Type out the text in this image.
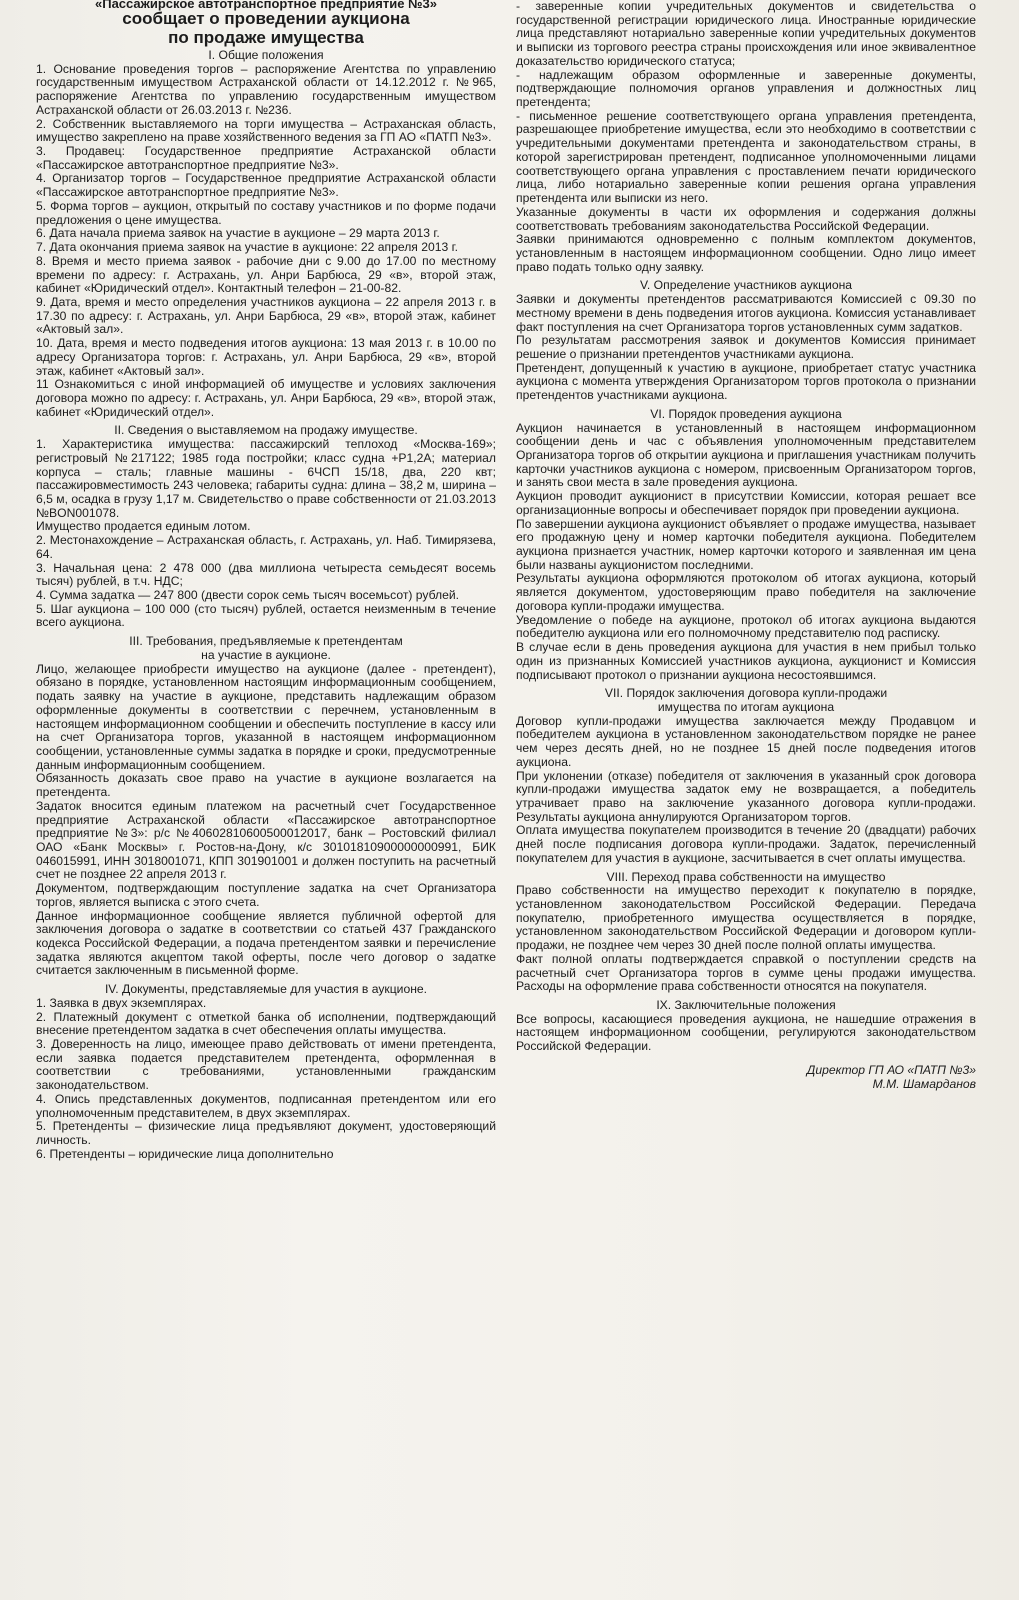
«Пассажирское автотранспортное предприятие №3»
сообщает о проведении аукциона
по продаже имущества

I. Общие положения

1. Основание проведения торгов – распоряжение Агентства по управлению государственным имуществом Астраханской области от 14.12.2012 г. №965, распоряжение Агентства по управлению государственным имуществом Астраханской области от 26.03.2013 г. №236.

2. Собственник выставляемого на торги имущества – Астраханская область, имущество закреплено на праве хозяйственного ведения за ГП АО «ПАТП №3».

3. Продавец: Государственное предприятие Астраханской области «Пассажирское автотранспортное предприятие №3».

4. Организатор торгов – Государственное предприятие Астраханской области «Пассажирское автотранспортное предприятие №3».

5. Форма торгов – аукцион, открытый по составу участников и по форме подачи предложения о цене имущества.

6. Дата начала приема заявок на участие в аукционе – 29 марта 2013 г.

7. Дата окончания приема заявок на участие в аукционе: 22 апреля 2013 г.

8. Время и место приема заявок - рабочие дни с 9.00 до 17.00 по местному времени по адресу: г. Астрахань, ул. Анри Барбюса, 29 «в», второй этаж, кабинет «Юридический отдел». Контактный телефон – 21-00-82.

9. Дата, время и место определения участников аукциона – 22 апреля 2013 г. в 17.30 по адресу: г. Астрахань, ул. Анри Барбюса, 29 «в», второй этаж, кабинет «Актовый зал».

10. Дата, время и место подведения итогов аукциона: 13 мая 2013 г. в 10.00 по адресу Организатора торгов: г. Астрахань, ул. Анри Барбюса, 29 «в», второй этаж, кабинет «Актовый зал».

11 Ознакомиться с иной информацией об имуществе и условиях заключения договора можно по адресу: г. Астрахань, ул. Анри Барбюса, 29 «в», второй этаж, кабинет «Юридический отдел».

II. Сведения о выставляемом на продажу имуществе.

1. Характеристика имущества: пассажирский теплоход «Москва-169»; регистровый №217122; 1985 года постройки; класс судна +Р1,2А; материал корпуса – сталь; главные машины - 6ЧСП 15/18, два, 220 квт; пассажировместимость 243 человека; габариты судна: длина – 38,2 м, ширина – 6,5 м, осадка в грузу 1,17 м. Свидетельство о праве собственности от 21.03.2013 №BON001078.

Имущество продается единым лотом.

2. Местонахождение – Астраханская область, г. Астрахань, ул. Наб. Тимирязева, 64.

3. Начальная цена: 2 478 000 (два миллиона четыреста семьдесят восемь тысяч) рублей, в т.ч. НДС;

4. Сумма задатка — 247 800 (двести сорок семь тысяч восемьсот) рублей.

5. Шаг аукциона – 100 000 (сто тысяч) рублей, остается неизменным в течение всего аукциона.

III. Требования, предъявляемые к претендентам

на участие в аукционе.

Лицо, желающее приобрести имущество на аукционе (далее - претендент), обязано в порядке, установленном настоящим информационным сообщением, подать заявку на участие в аукционе, представить надлежащим образом оформленные документы в соответствии с перечнем, установленным в настоящем информационном сообщении и обеспечить поступление в кассу или на счет Организатора торгов, указанной в настоящем информационном сообщении, установленные суммы задатка в порядке и сроки, предусмотренные данным информационным сообщением.

Обязанность доказать свое право на участие в аукционе возлагается на претендента.

Задаток вносится единым платежом на расчетный счет Государственное предприятие Астраханской области «Пассажирское автотранспортное предприятие №3»: р/с №40602810600500012017, банк – Ростовский филиал ОАО «Банк Москвы» г. Ростов-на-Дону, к/с 30101810900000000991, БИК 046015991, ИНН 3018001071, КПП 301901001 и должен поступить на расчетный счет не позднее 22 апреля 2013 г.

Документом, подтверждающим поступление задатка на счет Организатора торгов, является выписка с этого счета.

Данное информационное сообщение является публичной офертой для заключения договора о задатке в соответствии со статьей 437 Гражданского кодекса Российской Федерации, а подача претендентом заявки и перечисление задатка являются акцептом такой оферты, после чего договор о задатке считается заключенным в письменной форме.

IV. Документы, представляемые для участия в аукционе.

1. Заявка в двух экземплярах.

2. Платежный документ с отметкой банка об исполнении, подтверждающий внесение претендентом задатка в счет обеспечения оплаты имущества.

3. Доверенность на лицо, имеющее право действовать от имени претендента, если заявка подается представителем претендента, оформленная в соответствии с требованиями, установленными гражданским законодательством.

4. Опись представленных документов, подписанная претендентом или его уполномоченным представителем, в двух экземплярах.

5. Претенденты – физические лица предъявляют документ, удостоверяющий личность.

6. Претенденты – юридические лица дополнительно

- заверенные копии учредительных документов и свидетельства о государственной регистрации юридического лица. Иностранные юридические лица представляют нотариально заверенные копии учредительных документов и выписки из торгового реестра страны происхождения или иное эквивалентное доказательство юридического статуса;

- надлежащим образом оформленные и заверенные документы, подтверждающие полномочия органов управления и должностных лиц претендента;

- письменное решение соответствующего органа управления претендента, разрешающее приобретение имущества, если это необходимо в соответствии с учредительными документами претендента и законодательством страны, в которой зарегистрирован претендент, подписанное уполномоченными лицами соответствующего органа управления с проставлением печати юридического лица, либо нотариально заверенные копии решения органа управления претендента или выписки из него.

Указанные документы в части их оформления и содержания должны соответствовать требованиям законодательства Российской Федерации.

Заявки принимаются одновременно с полным комплектом документов, установленным в настоящем информационном сообщении. Одно лицо имеет право подать только одну заявку.

V. Определение участников аукциона

Заявки и документы претендентов рассматриваются Комиссией с 09.30 по местному времени в день подведения итогов аукциона. Комиссия устанавливает факт поступления на счет Организатора торгов установленных сумм задатков.

По результатам рассмотрения заявок и документов Комиссия принимает решение о признании претендентов участниками аукциона.

Претендент, допущенный к участию в аукционе, приобретает статус участника аукциона с момента утверждения Организатором торгов протокола о признании претендентов участниками аукциона.

VI. Порядок проведения аукциона

Аукцион начинается в установленный в настоящем информационном сообщении день и час с объявления уполномоченным представителем Организатора торгов об открытии аукциона и приглашения участникам получить карточки участников аукциона с номером, присвоенным Организатором торгов, и занять свои места в зале проведения аукциона.

Аукцион проводит аукционист в присутствии Комиссии, которая решает все организационные вопросы и обеспечивает порядок при проведении аукциона.

По завершении аукциона аукционист объявляет о продаже имущества, называет его продажную цену и номер карточки победителя аукциона. Победителем аукциона признается участник, номер карточки которого и заявленная им цена были названы аукционистом последними.

Результаты аукциона оформляются протоколом об итогах аукциона, который является документом, удостоверяющим право победителя на заключение договора купли-продажи имущества.

Уведомление о победе на аукционе, протокол об итогах аукциона выдаются победителю аукциона или его полномочному представителю под расписку.

В случае если в день проведения аукциона для участия в нем прибыл только один из признанных Комиссией участников аукциона, аукционист и Комиссия подписывают протокол о признании аукциона несостоявшимся.

VII. Порядок заключения договора купли-продажи

имущества по итогам аукциона

Договор купли-продажи имущества заключается между Продавцом и победителем аукциона в установленном законодательством порядке не ранее чем через десять дней, но не позднее 15 дней после подведения итогов аукциона.

При уклонении (отказе) победителя от заключения в указанный срок договора купли-продажи имущества задаток ему не возвращается, а победитель утрачивает право на заключение указанного договора купли-продажи. Результаты аукциона аннулируются Организатором торгов.

Оплата имущества покупателем производится в течение 20 (двадцати) рабочих дней после подписания договора купли-продажи. Задаток, перечисленный покупателем для участия в аукционе, засчитывается в счет оплаты имущества.

VIII. Переход права собственности на имущество

Право собственности на имущество переходит к покупателю в порядке, установленном законодательством Российской Федерации. Передача покупателю, приобретенного имущества осуществляется в порядке, установленном законодательством Российской Федерации и договором купли-продажи, не позднее чем через 30 дней после полной оплаты имущества.

Факт полной оплаты подтверждается справкой о поступлении средств на расчетный счет Организатора торгов в сумме цены продажи имущества. Расходы на оформление права собственности относятся на покупателя.

IX. Заключительные положения

Все вопросы, касающиеся проведения аукциона, не нашедшие отражения в настоящем информационном сообщении, регулируются законодательством Российской Федерации.

Директор ГП АО «ПАТП №3»
М.М. Шамарданов
